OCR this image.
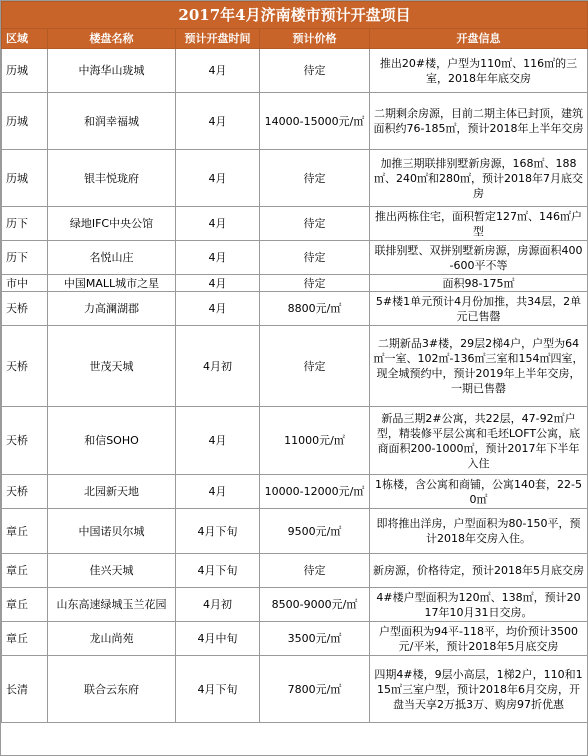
2017年4月济南楼市预计开盘项目				
区域	楼盘名称	预计开盘时间	预计价格	开盘信息
历城	中海华山珑城	4月	待定	推出20#楼，户型为110㎡、116㎡的三室，2018年年底交房
历城	和润幸福城	4月	14000-15000元/㎡	二期剩余房源，目前二期主体已封顶，建筑面积约76-185㎡，预计2018年上半年交房
历城	银丰悦珑府	4月	待定	加推三期联排别墅新房源，168㎡、188㎡、240㎡和280㎡，预计2018年7月底交房
历下	绿地IFC中央公馆	4月	待定	推出两栋住宅，面积暂定127㎡、146㎡户型
历下	名悦山庄	4月	待定	联排别墅、双拼别墅新房源，房源面积400-600平不等
市中	中国MALL城市之星	4月	待定	面积98-175㎡
天桥	力高澜湖郡	4月	8800元/㎡	5#楼1单元预计4月份加推，共34层，2单元已售罄
天桥	世茂天城	4月初	待定	二期新品3#楼，29层2梯4户，户型为64㎡一室、102㎡-136㎡三室和154㎡四室，现全城预约中，预计2019年上半年交房，一期已售罄
天桥	和信SOHO	4月	11000元/㎡	新品三期2#公寓，共22层，47-92㎡户型，精装修平层公寓和毛坯LOFT公寓，底商面积200-1000㎡，预计2017年下半年入住
天桥	北园新天地	4月	10000-12000元/㎡	1栋楼，含公寓和商铺，公寓140套，22-50㎡
章丘	中国诺贝尔城	4月下旬	9500元/㎡	即将推出洋房，户型面积为80-150平，预计2018年交房入住。
章丘	佳兴天城	4月下旬	待定	新房源，价格待定，预计2018年5月底交房
章丘	山东高速绿城玉兰花园	4月初	8500-9000元/㎡	4#楼户型面积为120㎡、138㎡，预计2017年10月31日交房。
章丘	龙山尚苑	4月中旬	3500元/㎡	户型面积为94平-118平，均价预计3500元/平米，预计2018年5月底交房
长清	联合云东府	4月下旬	7800元/㎡	四期4#楼，9层小高层，1梯2户，110和115㎡三室户型，预计2018年6月交房，开盘当天享2万抵3万、购房97折优惠
